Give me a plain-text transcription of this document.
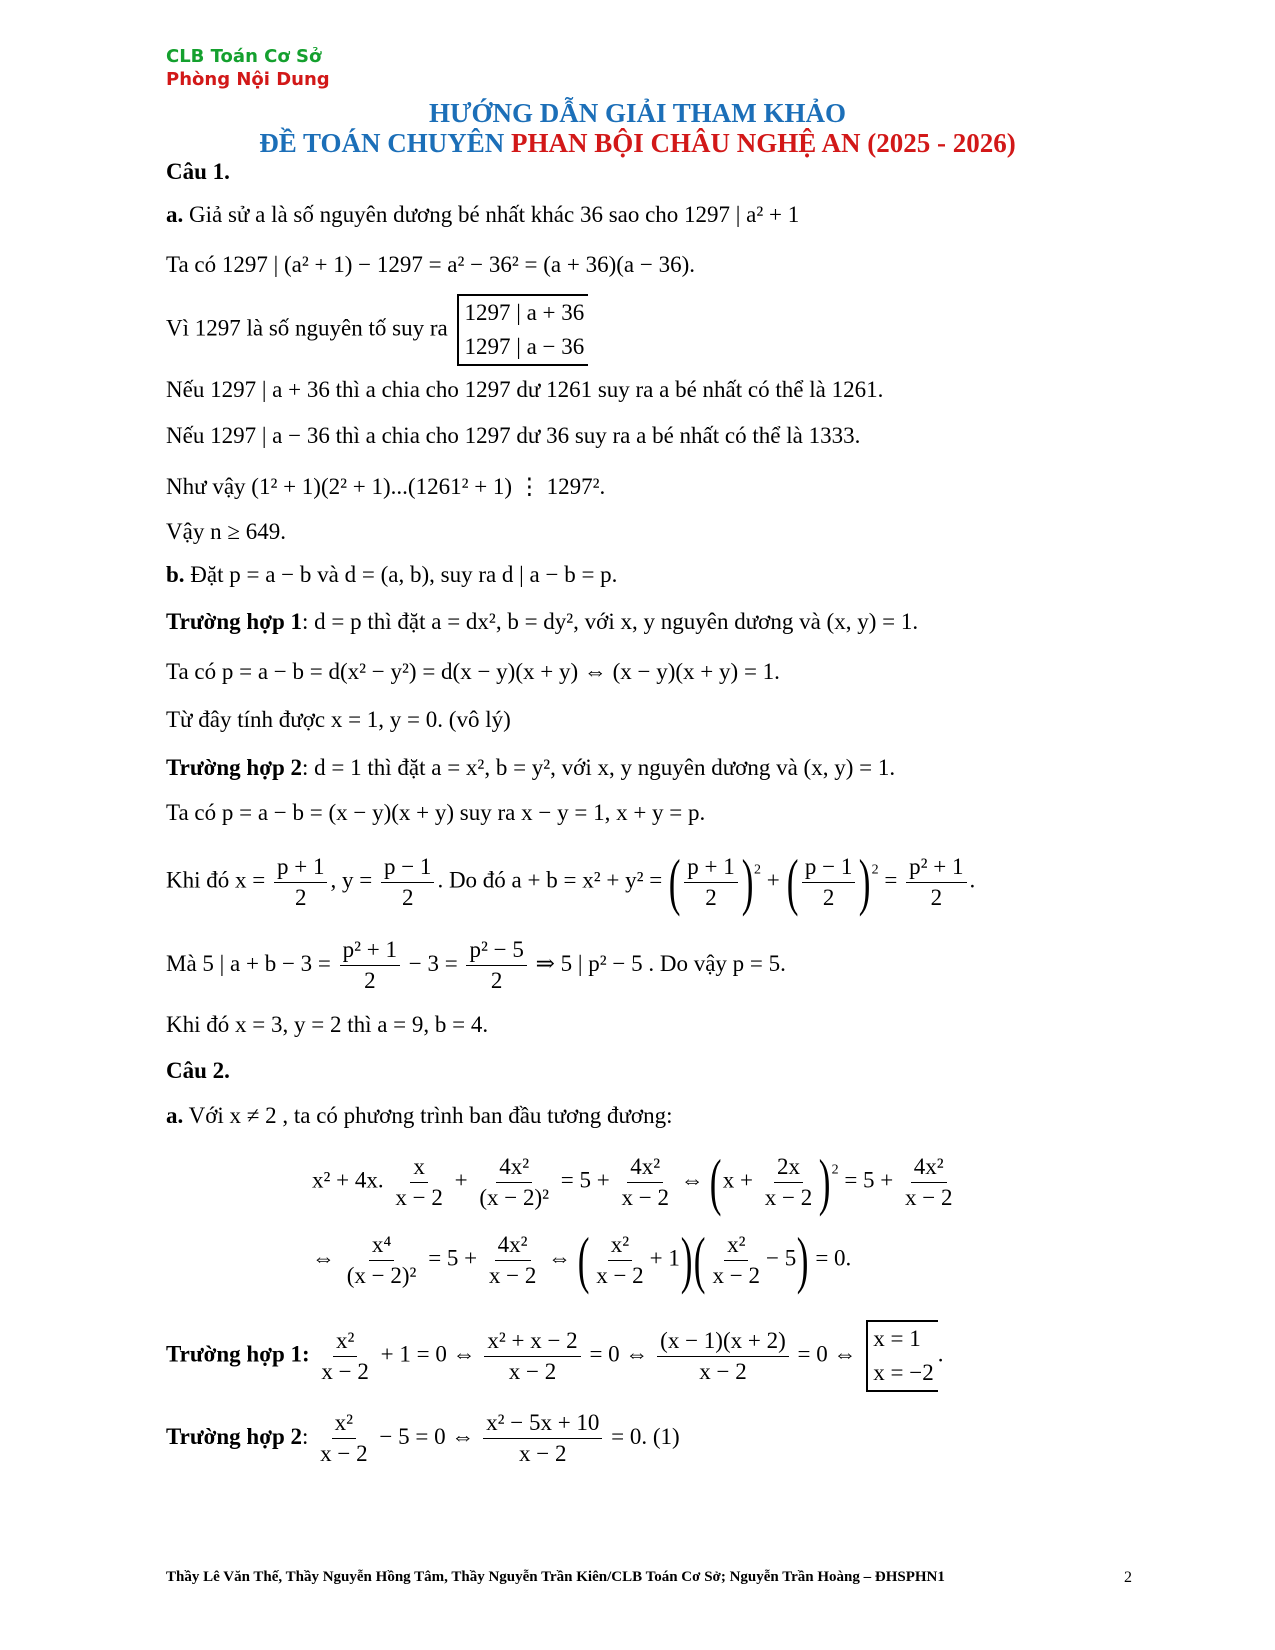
CLB Toán Cơ Sở
Phòng Nội Dung
HƯỚNG DẪN GIẢI THAM KHẢO
ĐỀ TOÁN CHUYÊN PHAN BỘI CHÂU NGHỆ AN (2025 - 2026)
Câu 1.
a. Giả sử a là số nguyên dương bé nhất khác 36 sao cho 1297 | a² + 1
Ta có 1297 | (a² + 1) − 1297 = a² − 36² = (a + 36)(a − 36).
Vì 1297 là số nguyên tố suy ra
1297 | a + 36
1297 | a − 36
Nếu 1297 | a + 36 thì a chia cho 1297 dư 1261 suy ra a bé nhất có thể là 1261.
Nếu 1297 | a − 36 thì a chia cho 1297 dư 36 suy ra a bé nhất có thể là 1333.
Như vậy (1² + 1)(2² + 1)...(1261² + 1) ⋮ 1297².
Vậy n ≥ 649.
b. Đặt p = a − b và d = (a, b), suy ra d | a − b = p.
Trường hợp 1: d = p thì đặt a = dx², b = dy², với x, y nguyên dương và (x, y) = 1.
Ta có p = a − b = d(x² − y²) = d(x − y)(x + y) ⇔ (x − y)(x + y) = 1.
Từ đây tính được x = 1, y = 0. (vô lý)
Trường hợp 2: d = 1 thì đặt a = x², b = y², với x, y nguyên dương và (x, y) = 1.
Ta có p = a − b = (x − y)(x + y) suy ra x − y = 1, x + y = p.
Khi đó $x = \frac{p + 1}{2}$ , $y = \frac{p - 1}{2}$ . Do đó a + b = x² + y² = ( $\frac{p + 1}{2} )^2$ + ( $\frac{p - 1}{2} )^2 = \frac{\text{p² + 1}}{2}$ .
Mà 5 | $a + b - 3 = \frac{\text{p² + 1}}{2} - 3 = \frac{\text{p² − 5}}{2}$ ⇒ 5 | p² − 5 . Do vậy p = 5.
Khi đó x = 3, y = 2 thì a = 9, b = 4.
Câu 2.
a. Với x ≠ 2 , ta có phương trình ban đầu tương đương:
x² + 4x. $\frac{x}{x - 2} + \frac{\text{4x²}}{\text{(x − 2)²}} = 5 + \frac{\text{4x²}}{x - 2}$ ⇔ $(x + \frac{2x}{x - 2} )^2 = 5 + \frac{\text{4x²}}{x - 2}$
⇔ $\frac{\text{x⁴}}{\text{(x − 2)²}} = 5 + \frac{\text{4x²}}{x - 2}$ ⇔ ( $\frac{\text{x²}}{x - 2} + 1)( \frac{\text{x²}}{x - 2} - 5) = 0$.
Trường hợp 1: $\frac{\text{x²}}{x - 2} + 1 = 0$ ⇔ $\frac{\text{x² + x − 2}}{x - 2} = 0$ ⇔ $\frac{(x - 1)(x + 2)}{x - 2} = 0$ ⇔
x = 1
x = −2
.
Trường hợp 2: $\frac{\text{x²}}{x - 2} - 5 = 0$ ⇔ $\frac{\text{x² − 5x + 10}}{x - 2} = 0$. (1)
Thầy Lê Văn Thế, Thầy Nguyễn Hồng Tâm, Thầy Nguyễn Trần Kiên/CLB Toán Cơ Sở; Nguyễn Trần Hoàng – ĐHSPHN1	2
